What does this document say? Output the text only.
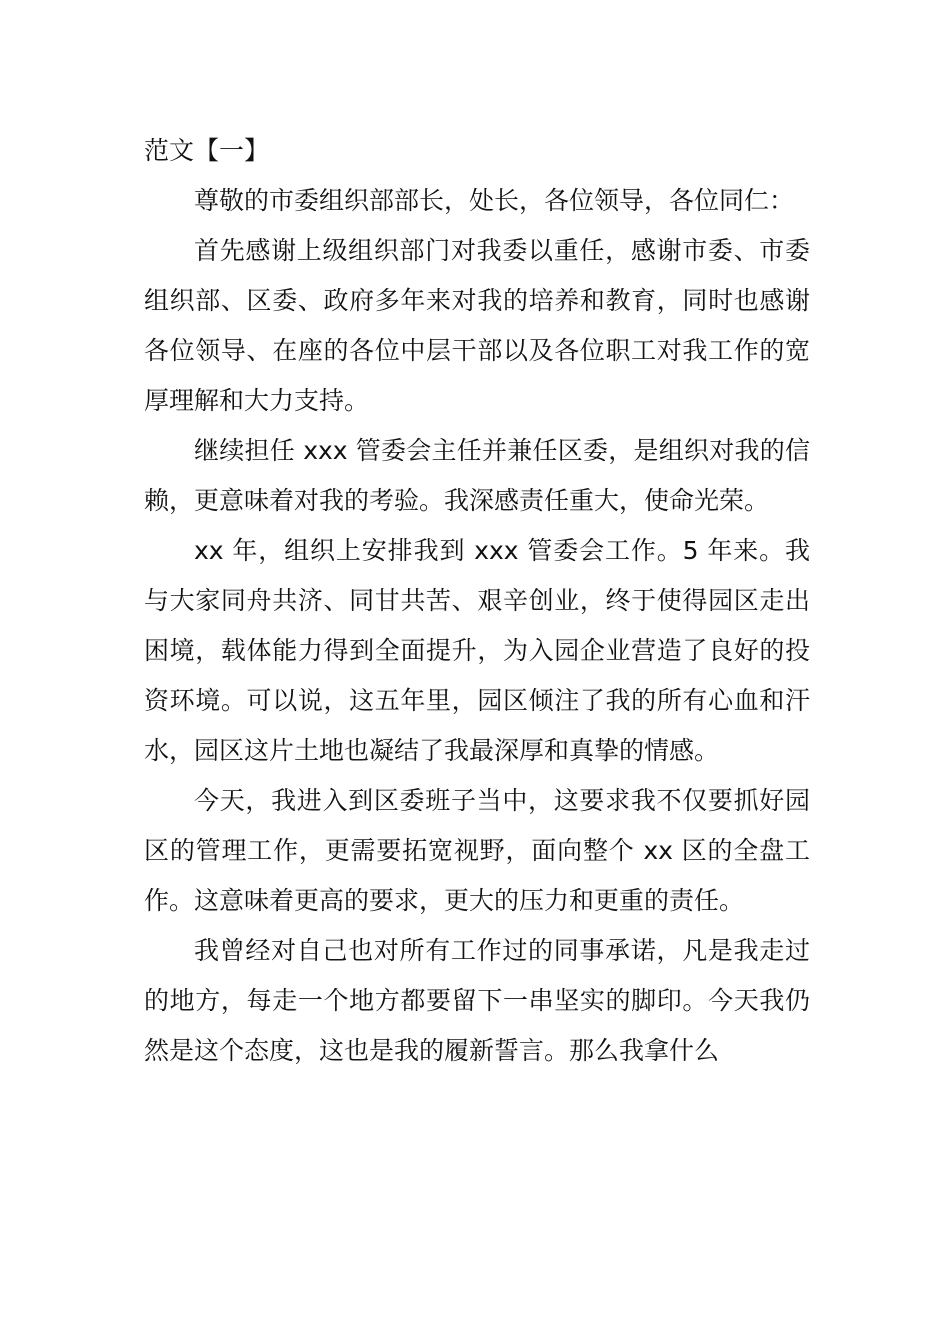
范文【一】

尊敬的市委组织部部长，处长，各位领导，各位同仁：

首先感谢上级组织部门对我委以重任，感谢市委、市委组织部、区委、政府多年来对我的培养和教育，同时也感谢各位领导、在座的各位中层干部以及各位职工对我工作的宽厚理解和大力支持。

继续担任 xxx 管委会主任并兼任区委，是组织对我的信赖，更意味着对我的考验。我深感责任重大，使命光荣。

xx 年，组织上安排我到 xxx 管委会工作。5 年来。我与大家同舟共济、同甘共苦、艰辛创业，终于使得园区走出困境，载体能力得到全面提升，为入园企业营造了良好的投资环境。可以说，这五年里，园区倾注了我的所有心血和汗水，园区这片土地也凝结了我最深厚和真挚的情感。

今天，我进入到区委班子当中，这要求我不仅要抓好园区的管理工作，更需要拓宽视野，面向整个 xx 区的全盘工作。这意味着更高的要求，更大的压力和更重的责任。

我曾经对自己也对所有工作过的同事承诺，凡是我走过的地方，每走一个地方都要留下一串坚实的脚印。今天我仍然是这个态度，这也是我的履新誓言。那么我拿什么
